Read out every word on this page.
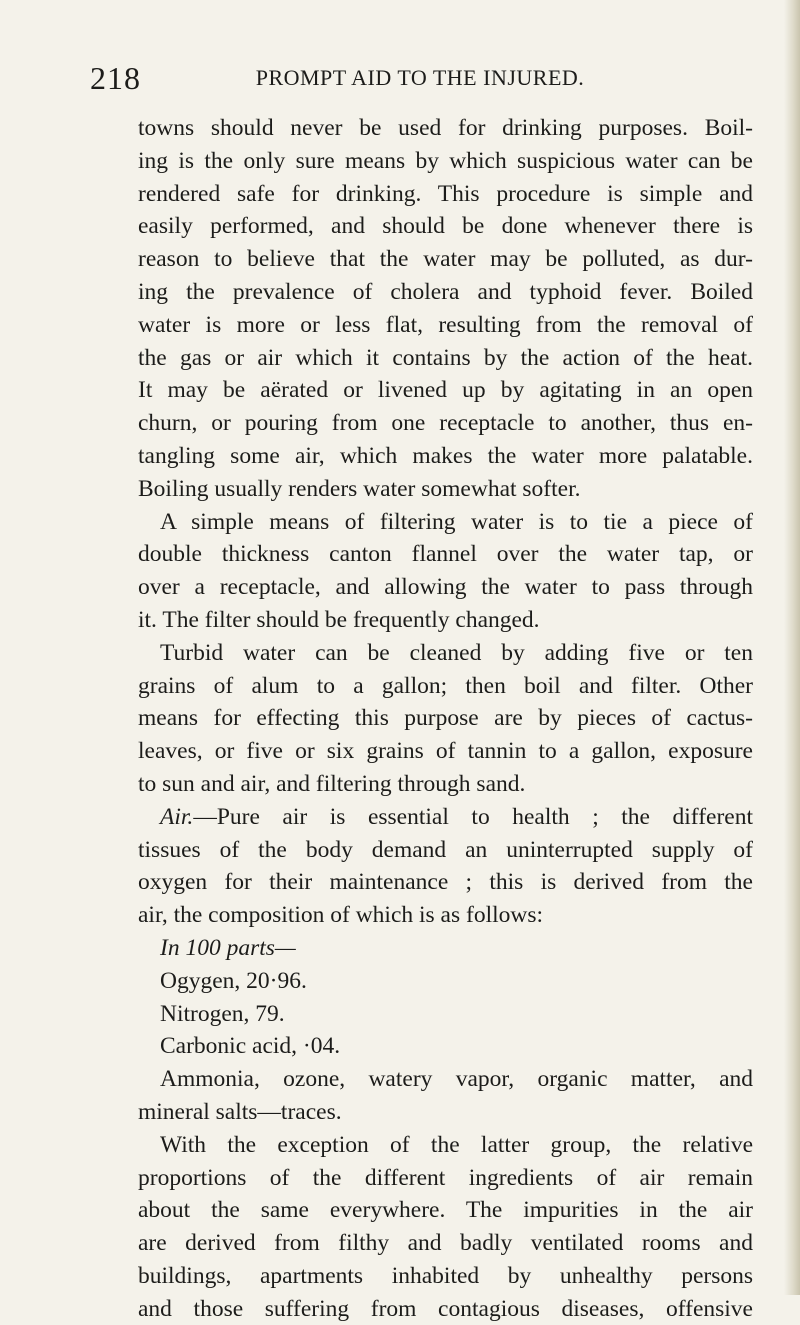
218	PROMPT AID TO THE INJURED.
towns should never be used for drinking purposes. Boil-
ing is the only sure means by which suspicious water can be
rendered safe for drinking. This procedure is simple and
easily performed, and should be done whenever there is
reason to believe that the water may be polluted, as dur-
ing the prevalence of cholera and typhoid fever. Boiled
water is more or less flat, resulting from the removal of
the gas or air which it contains by the action of the heat.
It may be aërated or livened up by agitating in an open
churn, or pouring from one receptacle to another, thus en-
tangling some air, which makes the water more palatable.
Boiling usually renders water somewhat softer.
A simple means of filtering water is to tie a piece of
double thickness canton flannel over the water tap, or
over a receptacle, and allowing the water to pass through
it. The filter should be frequently changed.
Turbid water can be cleaned by adding five or ten
grains of alum to a gallon; then boil and filter. Other
means for effecting this purpose are by pieces of cactus-
leaves, or five or six grains of tannin to a gallon, exposure
to sun and air, and filtering through sand.
Air.—Pure air is essential to health ; the different
tissues of the body demand an uninterrupted supply of
oxygen for their maintenance ; this is derived from the
air, the composition of which is as follows:
In 100 parts—
Ogygen, 20·96.
Nitrogen, 79.
Carbonic acid, ·04.
Ammonia, ozone, watery vapor, organic matter, and
mineral salts—traces.
With the exception of the latter group, the relative
proportions of the different ingredients of air remain
about the same everywhere. The impurities in the air
are derived from filthy and badly ventilated rooms and
buildings, apartments inhabited by unhealthy persons
and those suffering from contagious diseases, offensive
